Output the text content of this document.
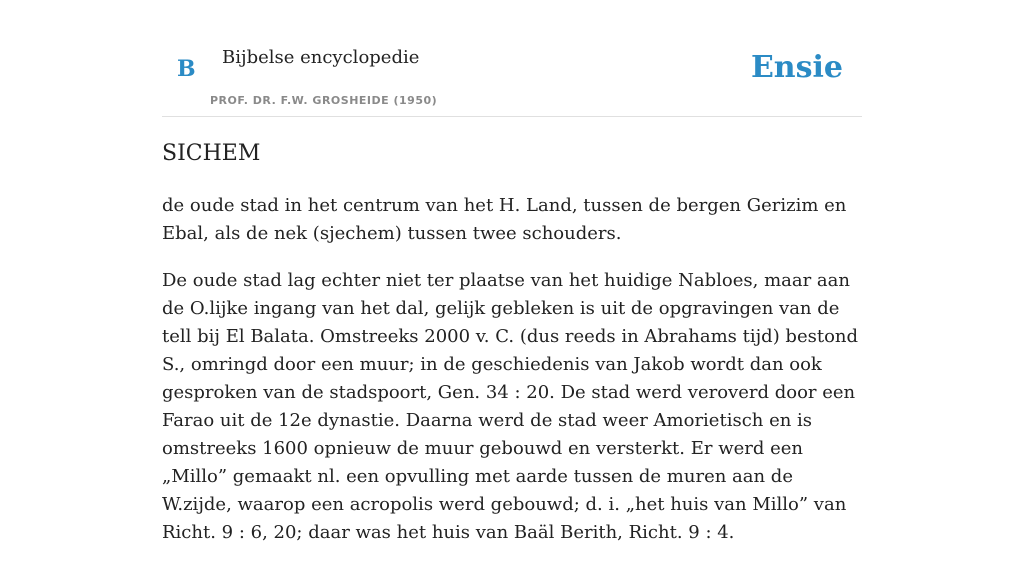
B Bijbelse encyclopedie
PROF. DR. F.W. GROSHEIDE (1950)
Ensie
SICHEM

de oude stad in het centrum van het H. Land, tussen de bergen Gerizim en Ebal, als de nek (sjechem) tussen twee schouders.

De oude stad lag echter niet ter plaatse van het huidige Nabloes, maar aan de O.lijke ingang van het dal, gelijk gebleken is uit de opgravingen van de tell bij El Balata. Omstreeks 2000 v. C. (dus reeds in Abrahams tijd) bestond S., omringd door een muur; in de geschiedenis van Jakob wordt dan ook gesproken van de stadspoort, Gen. 34 : 20. De stad werd veroverd door een Farao uit de 12e dynastie. Daarna werd de stad weer Amorietisch en is omstreeks 1600 opnieuw de muur gebouwd en versterkt. Er werd een „Millo” gemaakt nl. een opvulling met aarde tussen de muren aan de W.zijde, waarop een acropolis werd gebouwd; d. i. „het huis van Millo” van Richt. 9 : 6, 20; daar was het huis van Baäl Berith, Richt. 9 : 4.
